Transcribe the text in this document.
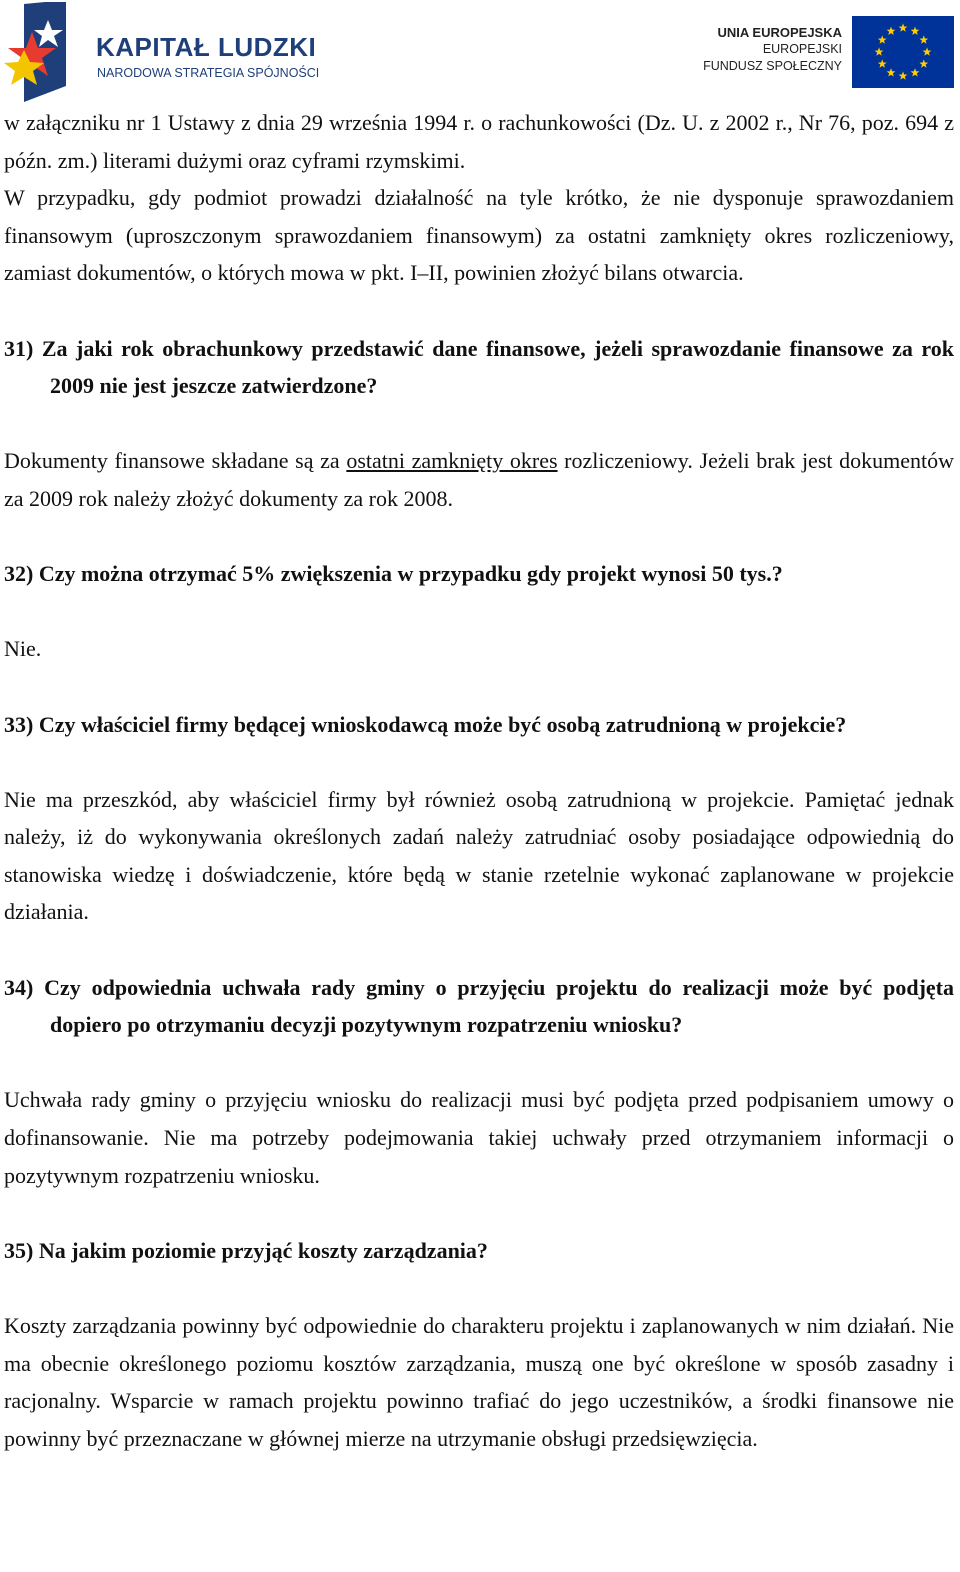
KAPITAŁ LUDZKI
NARODOWA STRATEGIA SPÓJNOŚCI
UNIA EUROPEJSKA
EUROPEJSKI
FUNDUSZ SPOŁECZNY

w załączniku nr 1 Ustawy z dnia 29 września 1994 r. o rachunkowości (Dz. U. z 2002 r., Nr 76, poz. 694 z późn. zm.) literami dużymi oraz cyframi rzymskimi.

W przypadku, gdy podmiot prowadzi działalność na tyle krótko, że nie dysponuje sprawozdaniem finansowym (uproszczonym sprawozdaniem finansowym) za ostatni zamknięty okres rozliczeniowy, zamiast dokumentów, o których mowa w pkt. I–II, powinien złożyć bilans otwarcia.

31) Za jaki rok obrachunkowy przedstawić dane finansowe, jeżeli sprawozdanie finansowe za rok 2009 nie jest jeszcze zatwierdzone?

Dokumenty finansowe składane są za ostatni zamknięty okres rozliczeniowy. Jeżeli brak jest dokumentów za 2009 rok należy złożyć dokumenty za rok 2008.

32) Czy można otrzymać 5% zwiększenia w przypadku gdy projekt wynosi 50 tys.?

Nie.

33) Czy właściciel firmy będącej wnioskodawcą może być osobą zatrudnioną w projekcie?

Nie ma przeszkód, aby właściciel firmy był również osobą zatrudnioną w projekcie. Pamiętać jednak należy, iż do wykonywania określonych zadań należy zatrudniać osoby posiadające odpowiednią do stanowiska wiedzę i doświadczenie, które będą w stanie rzetelnie wykonać zaplanowane w projekcie działania.

34) Czy odpowiednia uchwała rady gminy o przyjęciu projektu do realizacji może być podjęta dopiero po otrzymaniu decyzji pozytywnym rozpatrzeniu wniosku?

Uchwała rady gminy o przyjęciu wniosku do realizacji musi być podjęta przed podpisaniem umowy o dofinansowanie. Nie ma potrzeby podejmowania takiej uchwały przed otrzymaniem informacji o pozytywnym rozpatrzeniu wniosku.

35) Na jakim poziomie przyjąć koszty zarządzania?

Koszty zarządzania powinny być odpowiednie do charakteru projektu i zaplanowanych w nim działań. Nie ma obecnie określonego poziomu kosztów zarządzania, muszą one być określone w sposób zasadny i racjonalny. Wsparcie w ramach projektu powinno trafiać do jego uczestników, a środki finansowe nie powinny być przeznaczane w głównej mierze na utrzymanie obsługi przedsięwzięcia.
